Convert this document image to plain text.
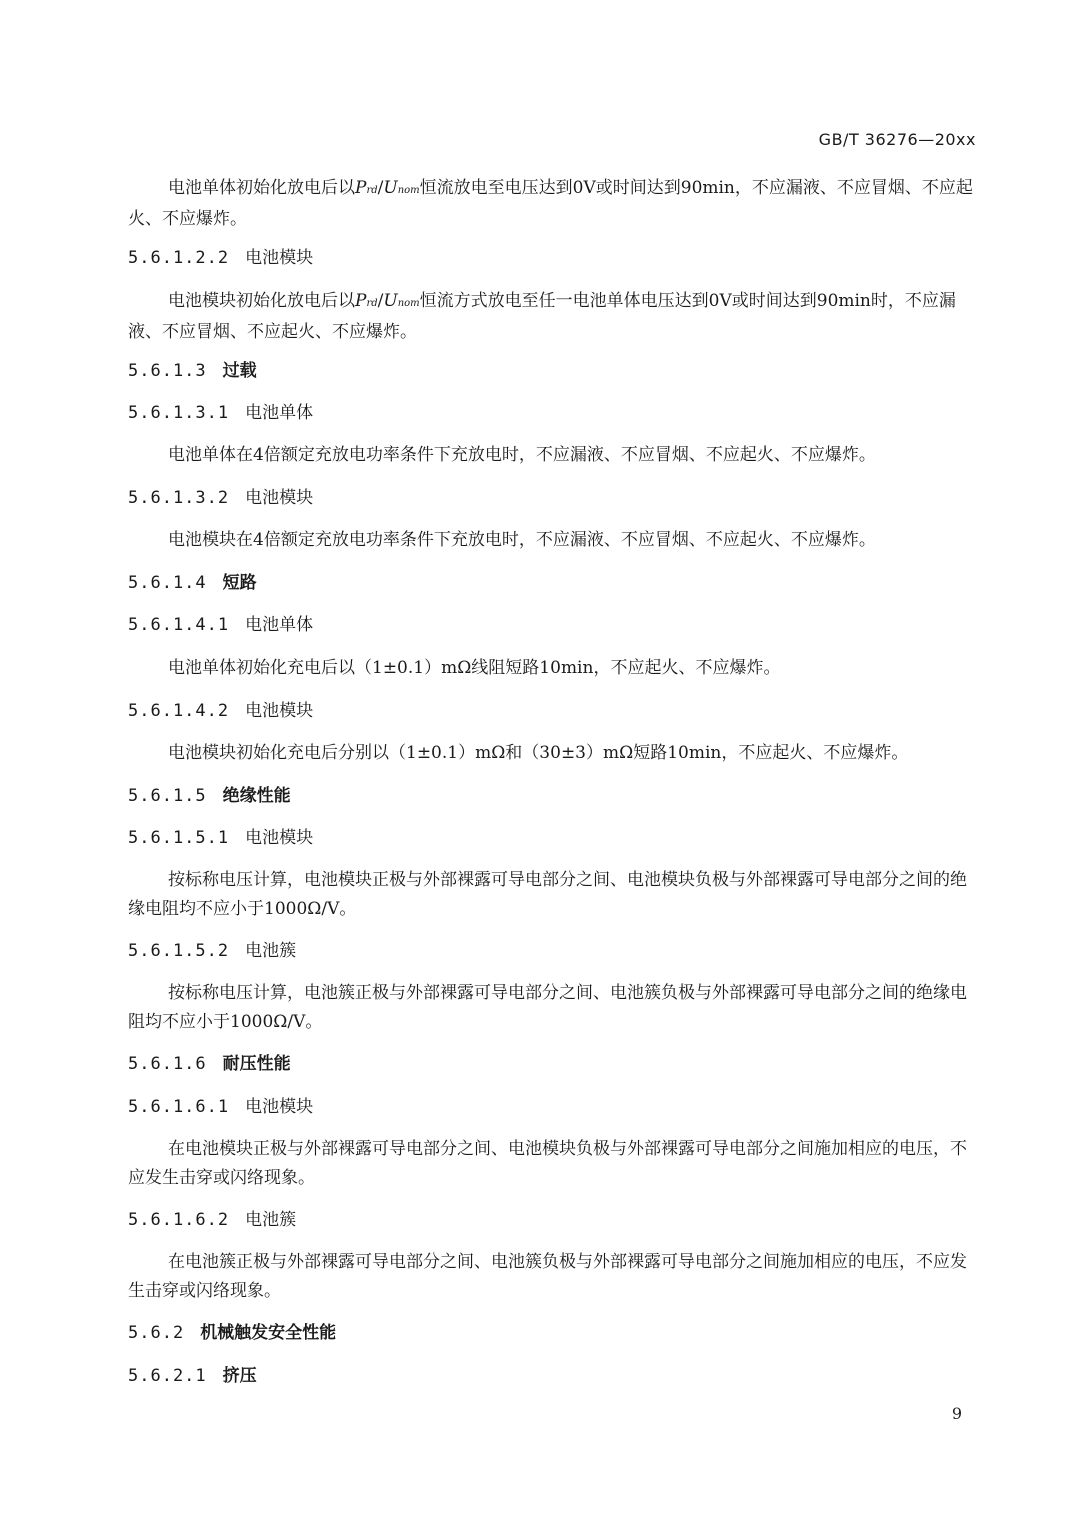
GB/T 36276—20xx
电池单体初始化放电后以Prd/Unom恒流放电至电压达到0V或时间达到90min，不应漏液、不应冒烟、不应起火、不应爆炸。
5.6.1.2.2 电池模块
电池模块初始化放电后以Prd/Unom恒流方式放电至任一电池单体电压达到0V或时间达到90min时，不应漏液、不应冒烟、不应起火、不应爆炸。
5.6.1.3 过载
5.6.1.3.1 电池单体
电池单体在4倍额定充放电功率条件下充放电时，不应漏液、不应冒烟、不应起火、不应爆炸。
5.6.1.3.2 电池模块
电池模块在4倍额定充放电功率条件下充放电时，不应漏液、不应冒烟、不应起火、不应爆炸。
5.6.1.4 短路
5.6.1.4.1 电池单体
电池单体初始化充电后以（1±0.1）mΩ线阻短路10min，不应起火、不应爆炸。
5.6.1.4.2 电池模块
电池模块初始化充电后分别以（1±0.1）mΩ和（30±3）mΩ短路10min，不应起火、不应爆炸。
5.6.1.5 绝缘性能
5.6.1.5.1 电池模块
按标称电压计算，电池模块正极与外部裸露可导电部分之间、电池模块负极与外部裸露可导电部分之间的绝缘电阻均不应小于1000Ω/V。
5.6.1.5.2 电池簇
按标称电压计算，电池簇正极与外部裸露可导电部分之间、电池簇负极与外部裸露可导电部分之间的绝缘电阻均不应小于1000Ω/V。
5.6.1.6 耐压性能
5.6.1.6.1 电池模块
在电池模块正极与外部裸露可导电部分之间、电池模块负极与外部裸露可导电部分之间施加相应的电压，不应发生击穿或闪络现象。
5.6.1.6.2 电池簇
在电池簇正极与外部裸露可导电部分之间、电池簇负极与外部裸露可导电部分之间施加相应的电压，不应发生击穿或闪络现象。
5.6.2 机械触发安全性能
5.6.2.1 挤压
9
